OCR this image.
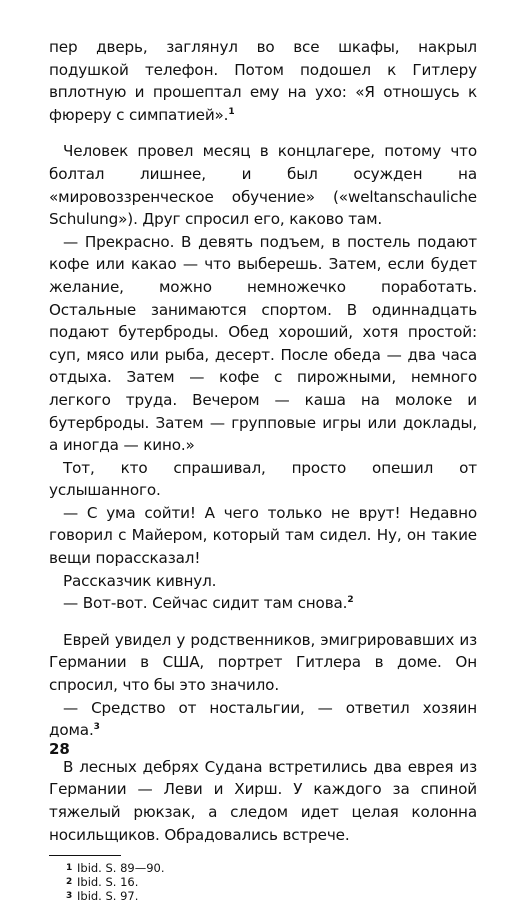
пер дверь, заглянул во все шкафы, накрыл подушкой телефон. Потом подошел к Гитлеру вплотную и прошептал ему на ухо: «Я отношусь к фюреру с симпатией».$^1$

Человек провел месяц в концлагере, потому что болтал лишнее, и был осужден на «мировоззренческое обучение» («weltanschauliche Schulung»). Друг спросил его, каково там.

— Прекрасно. В девять подъем, в постель подают кофе или какао — что выберешь. Затем, если будет желание, можно немножечко поработать. Остальные занимаются спортом. В одиннадцать подают бутерброды. Обед хороший, хотя простой: суп, мясо или рыба, десерт. После обеда — два часа отдыха. Затем — кофе с пирожными, немного легкого труда. Вечером — каша на молоке и бутерброды. Затем — групповые игры или доклады, а иногда — кино.»

Тот, кто спрашивал, просто опешил от услышанного.

— С ума сойти! А чего только не врут! Недавно говорил с Майером, который там сидел. Ну, он такие вещи порассказал!

Рассказчик кивнул.

— Вот-вот. Сейчас сидит там снова.$^2$

Еврей увидел у родственников, эмигрировавших из Германии в США, портрет Гитлера в доме. Он спросил, что бы это значило.

— Средство от ностальгии, — ответил хозяин дома.$^3$

В лесных дебрях Судана встретились два еврея из Германии — Леви и Хирш. У каждого за спиной тяжелый рюкзак, а следом идет целая колонна носильщиков. Обрадовались встрече.

1 Ibid. S. 89—90.
2 Ibid. S. 16.
3 Ibid. S. 97.
28
